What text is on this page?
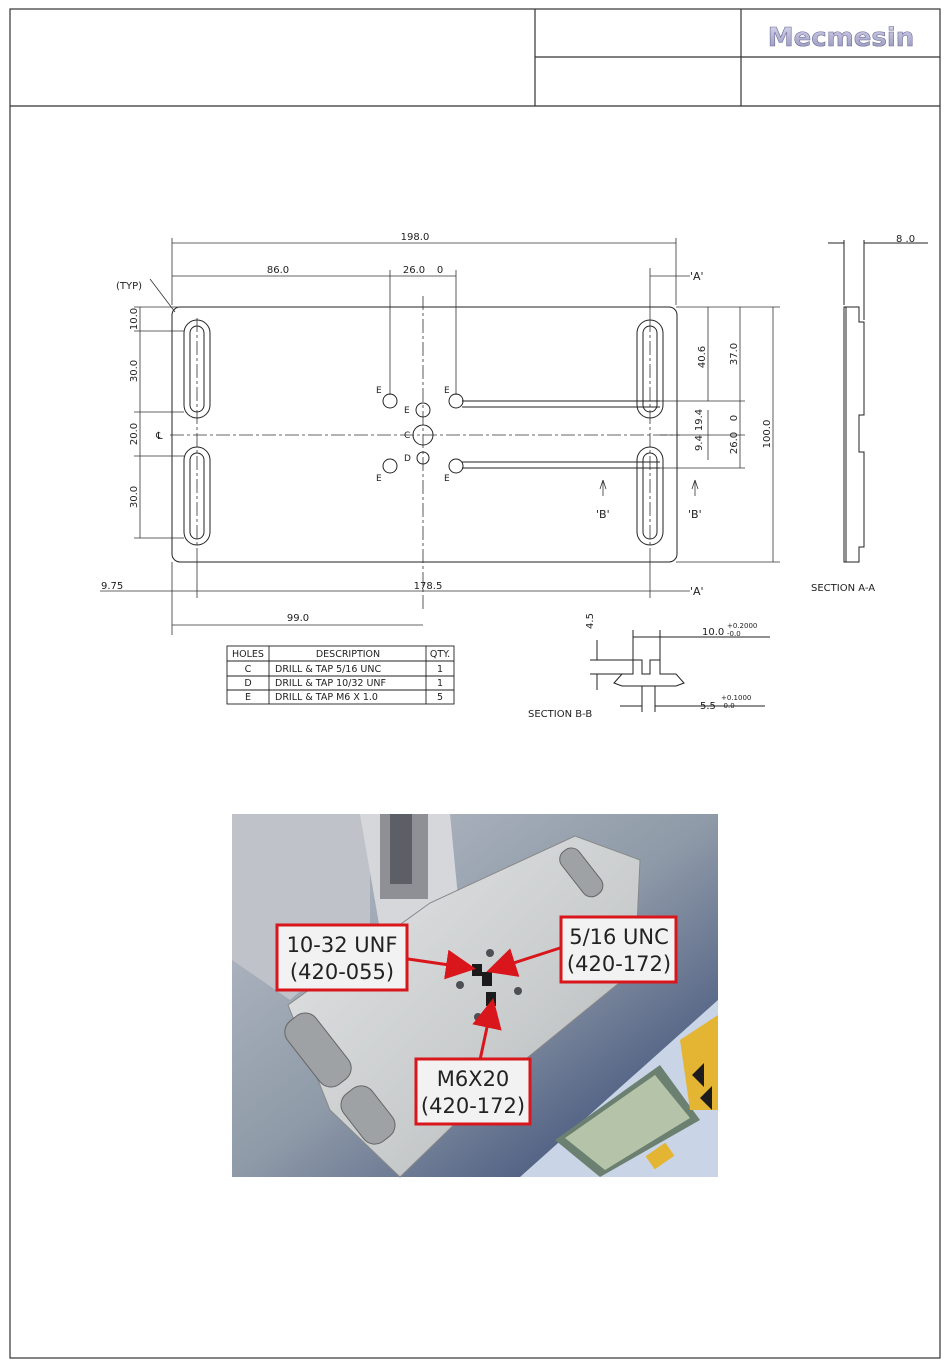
Mecmesin
198.0
86.0	26.0 0	'A'
(TYP)
10.0
30.0
20.0
30.0
℄
E	E
E
C
D
E	E
40.6 37.0
19.4 0
9.4 26.0 100.0
'B'	'B'
9.75	178.5	'A'
99.0
8 .0
SECTION A-A
HOLES	DESCRIPTION	QTY.
C DRILL & TAP 5/16 UNC	1
D DRILL & TAP 10/32 UNF	1
E	DRILL & TAP M6 X 1.0	5
4.5
10.0
+0.2000
-0.0
5.5
+0.1000
-0.0
SECTION B-B
10-32 UNF
(420-055)
5/16 UNC
(420-172)
M6X20
(420-172)
